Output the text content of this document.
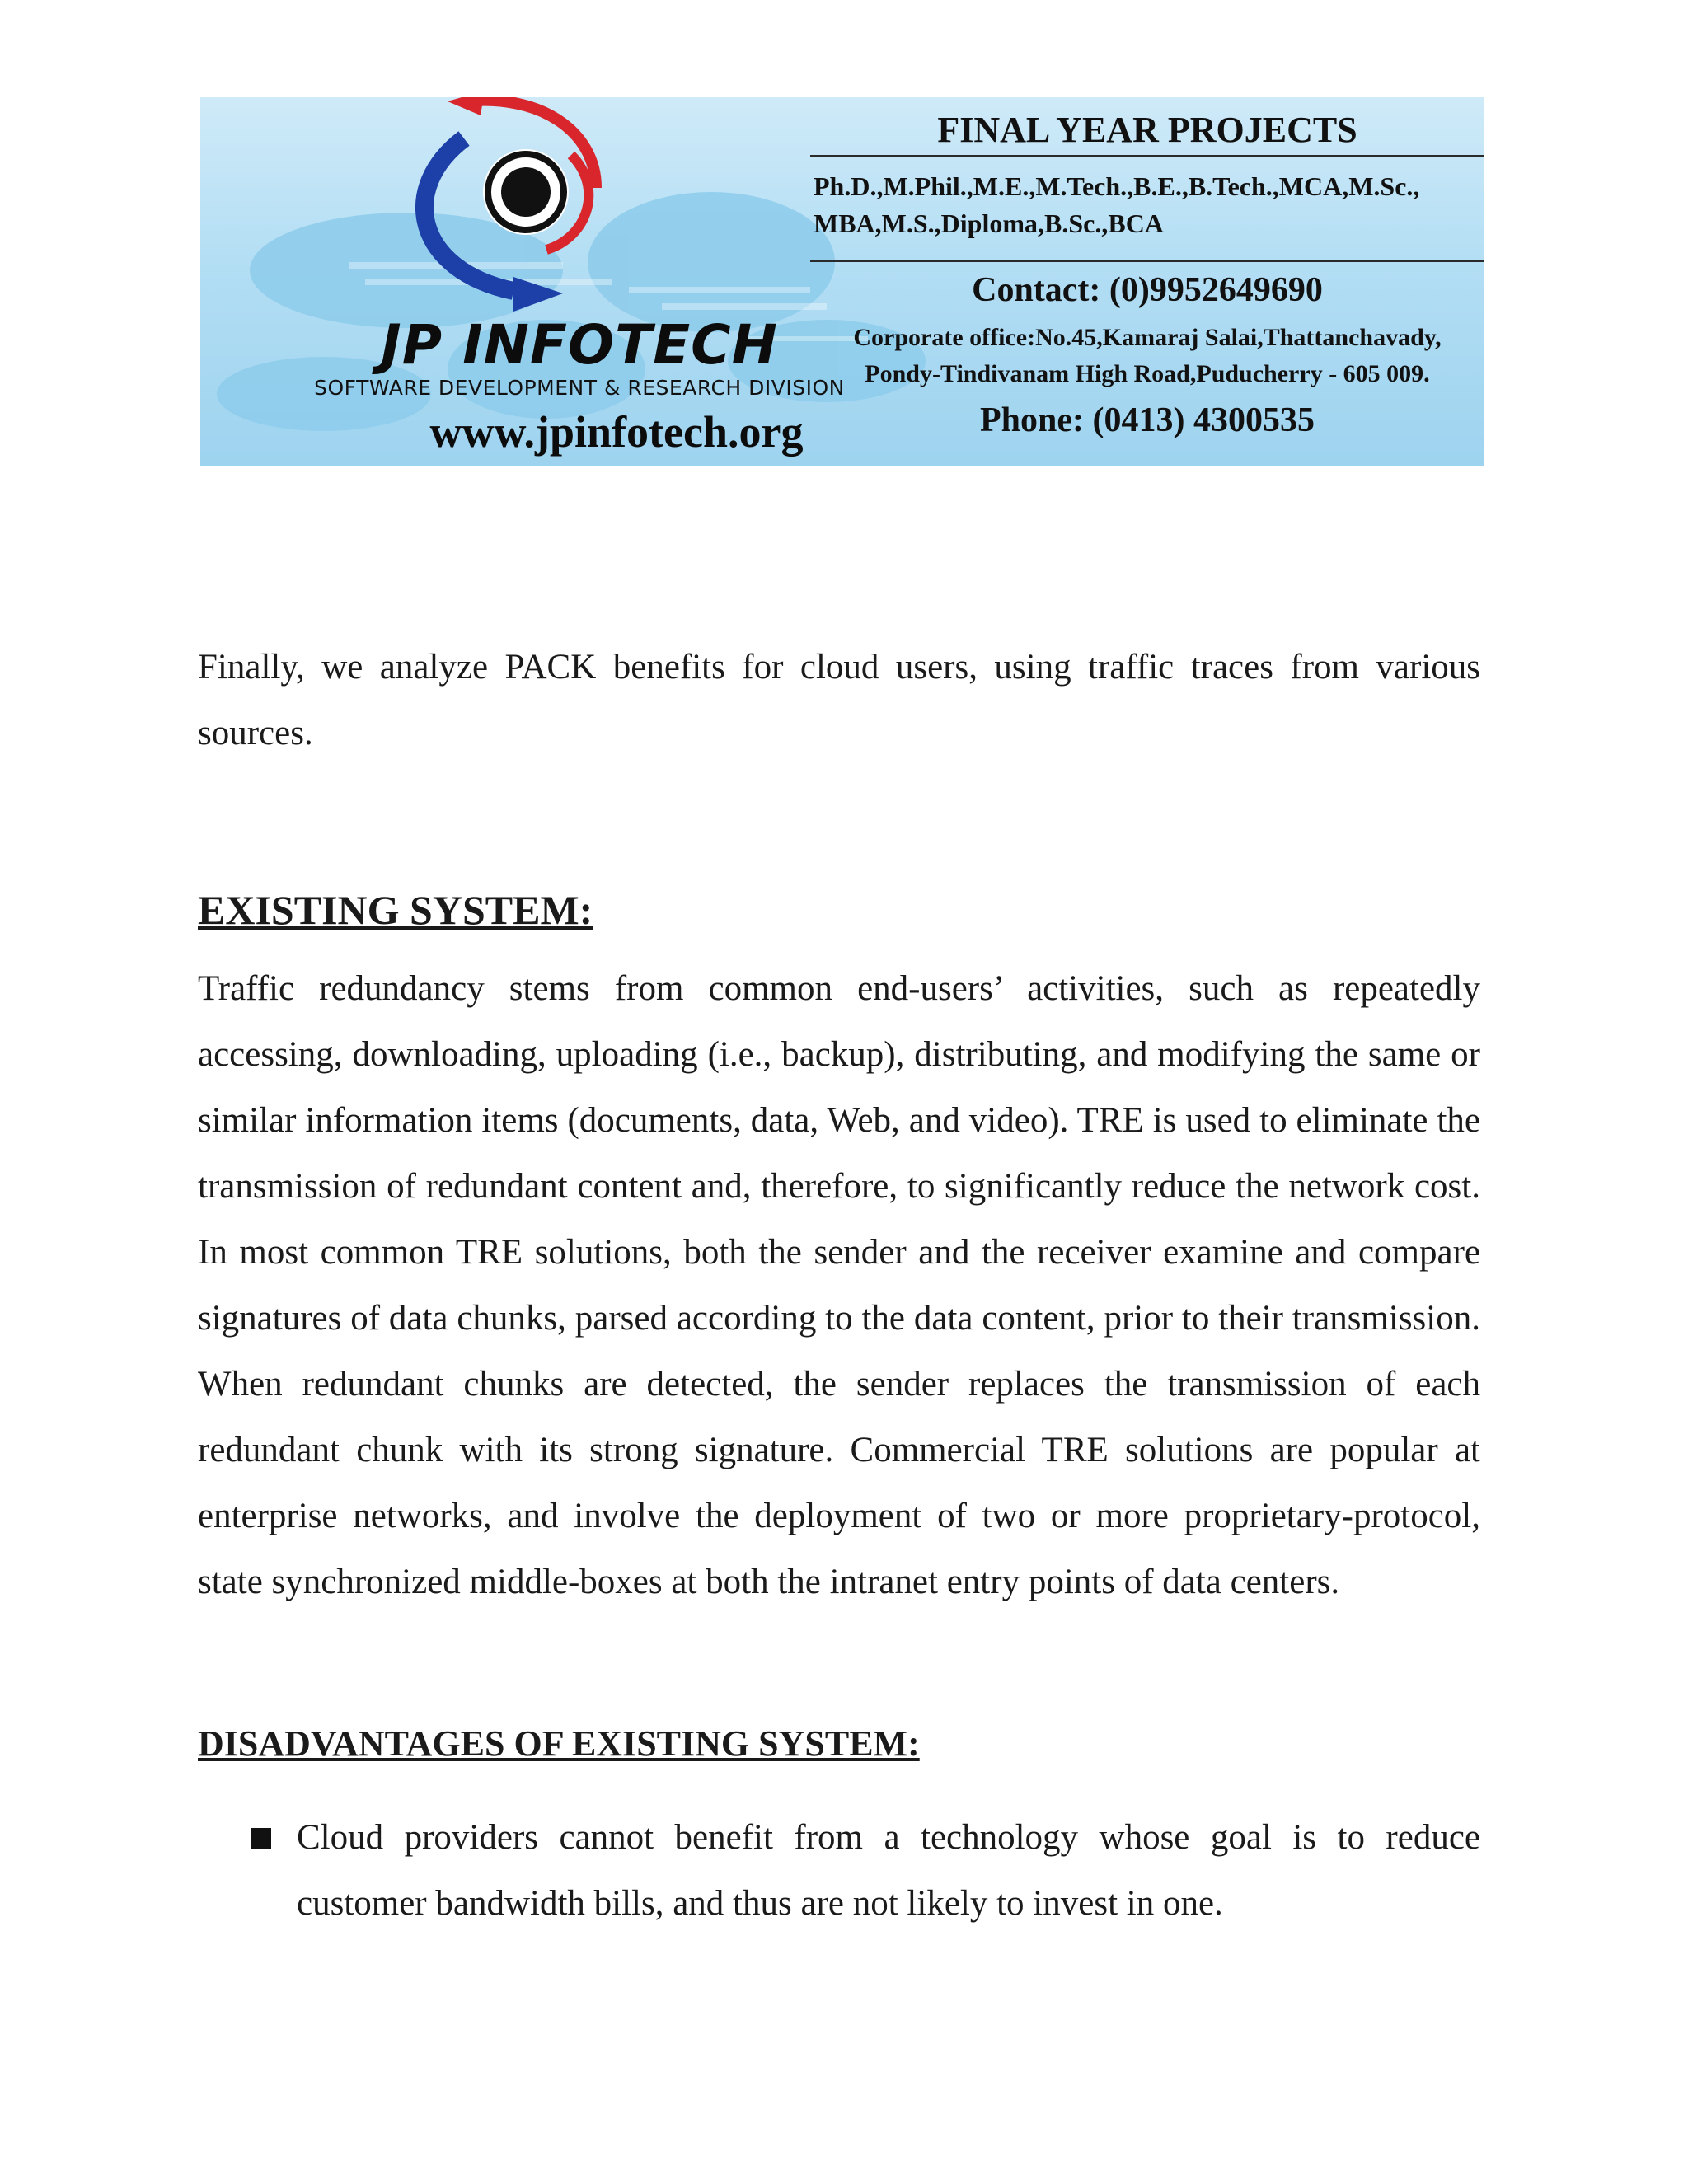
JP INFOTECH
SOFTWARE DEVELOPMENT & RESEARCH DIVISION
www.jpinfotech.org
FINAL YEAR PROJECTS
Ph.D.,M.Phil.,M.E.,M.Tech.,B.E.,B.Tech.,MCA,M.Sc.,
MBA,M.S.,Diploma,B.Sc.,BCA
Contact: (0)9952649690
Corporate office:No.45,Kamaraj Salai,Thattanchavady,
Pondy-Tindivanam High Road,Puducherry - 605 009.
Phone: (0413) 4300535

Finally, we analyze PACK benefits for cloud users, using traffic traces from various sources.

EXISTING SYSTEM:

Traffic redundancy stems from common end-users’ activities, such as repeatedly accessing, downloading, uploading (i.e., backup), distributing, and modifying the same or similar information items (documents, data, Web, and video). TRE is used to eliminate the transmission of redundant content and, therefore, to significantly reduce the network cost. In most common TRE solutions, both the sender and the receiver examine and compare signatures of data chunks, parsed according to the data content, prior to their transmission. When redundant chunks are detected, the sender replaces the transmission of each redundant chunk with its strong signature. Commercial TRE solutions are popular at enterprise networks, and involve the deployment of two or more proprietary-protocol, state synchronized middle-boxes at both the intranet entry points of data centers.

DISADVANTAGES OF EXISTING SYSTEM:
Cloud providers cannot benefit from a technology whose goal is to reduce customer bandwidth bills, and thus are not likely to invest in one.
